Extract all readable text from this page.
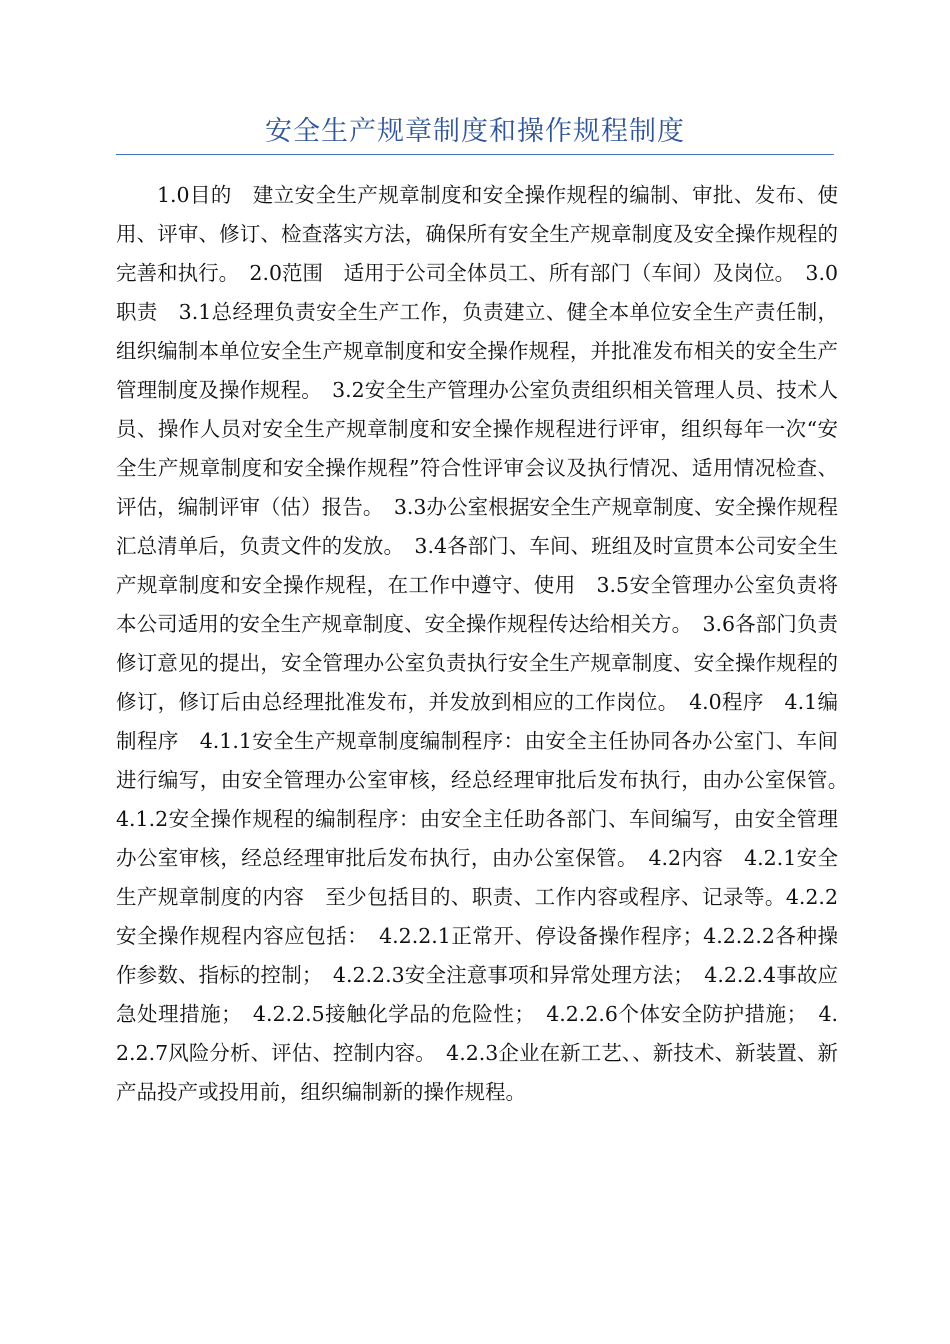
安全生产规章制度和操作规程制度

1.0目的　建立安全生产规章制度和安全操作规程的编制、审批、发布、使用、评审、修订、检查落实方法，确保所有安全生产规章制度及安全操作规程的完善和执行。　2.0范围　适用于公司全体员工、所有部门（车间）及岗位。　3.0职责　3.1总经理负责安全生产工作，负责建立、健全本单位安全生产责任制，组织编制本单位安全生产规章制度和安全操作规程，并批准发布相关的安全生产管理制度及操作规程。　3.2安全生产管理办公室负责组织相关管理人员、技术人员、操作人员对安全生产规章制度和安全操作规程进行评审，组织每年一次“安全生产规章制度和安全操作规程”符合性评审会议及执行情况、适用情况检查、评估，编制评审（估）报告。　3.3办公室根据安全生产规章制度、安全操作规程汇总清单后，负责文件的发放。　3.4各部门、车间、班组及时宣贯本公司安全生产规章制度和安全操作规程，在工作中遵守、使用　3.5安全管理办公室负责将本公司适用的安全生产规章制度、安全操作规程传达给相关方。　3.6各部门负责修订意见的提出，安全管理办公室负责执行安全生产规章制度、安全操作规程的修订，修订后由总经理批准发布，并发放到相应的工作岗位。　4.0程序　4.1编制程序　4.1.1安全生产规章制度编制程序：由安全主任协同各办公室门、车间进行编写，由安全管理办公室审核，经总经理审批后发布执行，由办公室保管。　4.1.2安全操作规程的编制程序：由安全主任助各部门、车间编写，由安全管理办公室审核，经总经理审批后发布执行，由办公室保管。　4.2内容　4.2.1安全生产规章制度的内容　至少包括目的、职责、工作内容或程序、记录等。4.2.2安全操作规程内容应包括：　4.2.2.1正常开、停设备操作程序；4.2.2.2各种操作参数、指标的控制；　4.2.2.3安全注意事项和异常处理方法；　4.2.2.4事故应急处理措施；　4.2.2.5接触化学品的危险性；　4.2.2.6个体安全防护措施；　4.2.2.7风险分析、评估、控制内容。　4.2.3企业在新工艺、、新技术、新装置、新产品投产或投用前，组织编制新的操作规程。
